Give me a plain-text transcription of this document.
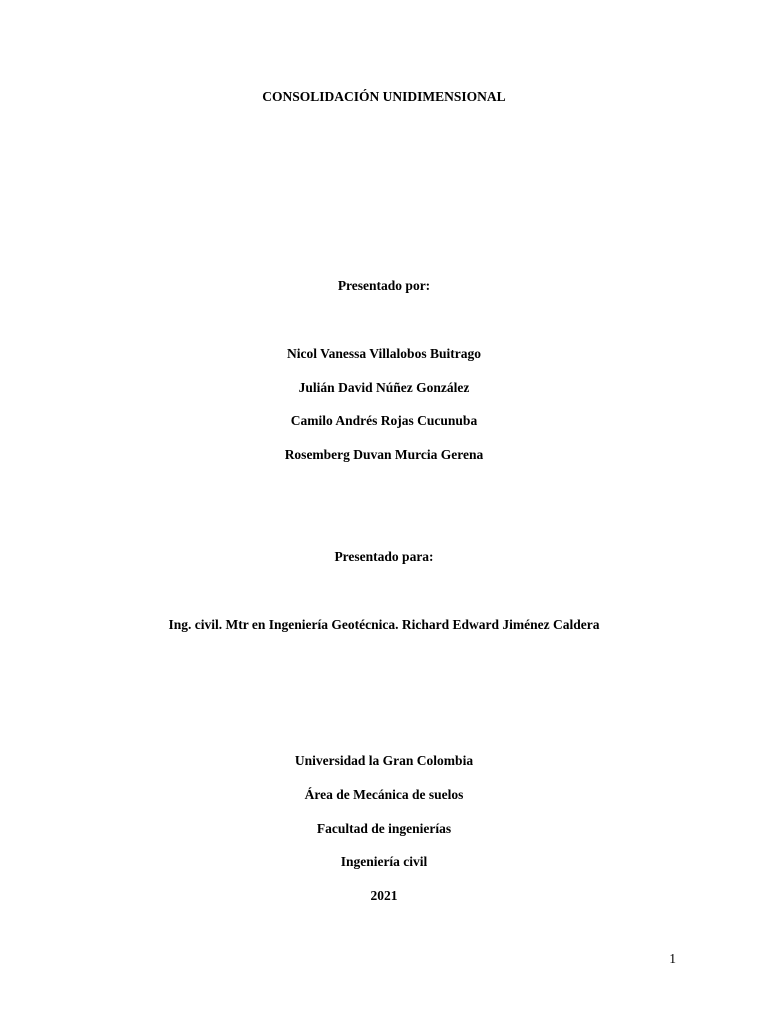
CONSOLIDACIÓN UNIDIMENSIONAL
Presentado por:
Nicol Vanessa Villalobos Buitrago
Julián David Núñez González
Camilo Andrés Rojas Cucunuba
Rosemberg Duvan Murcia Gerena
Presentado para:
Ing. civil. Mtr en Ingeniería Geotécnica. Richard Edward Jiménez Caldera
Universidad la Gran Colombia
Área de Mecánica de suelos
Facultad de ingenierías
Ingeniería civil
2021
1
